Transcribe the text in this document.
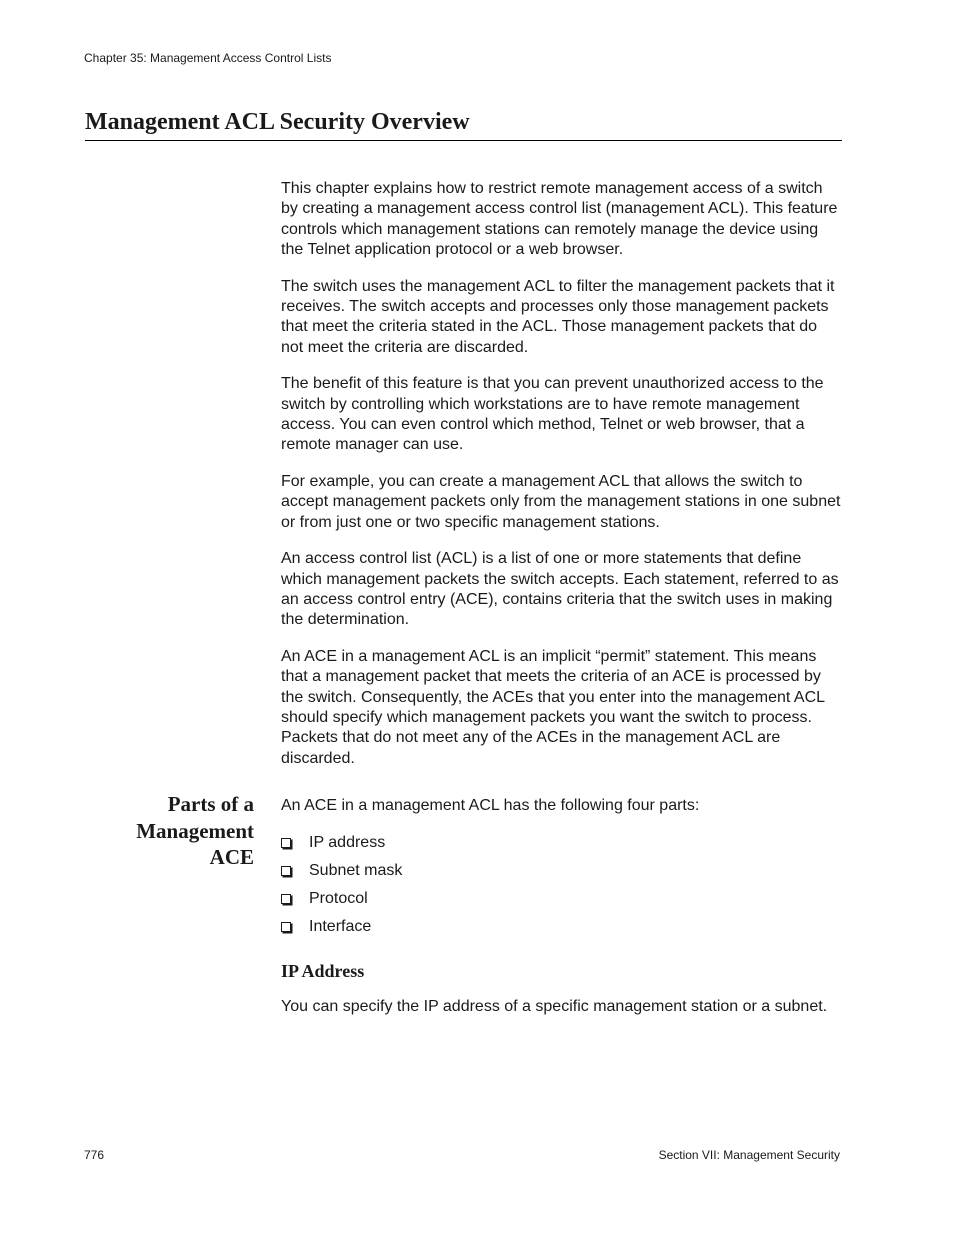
Chapter 35: Management Access Control Lists
Management ACL Security Overview

This chapter explains how to restrict remote management access of a switch by creating a management access control list (management ACL). This feature controls which management stations can remotely manage the device using the Telnet application protocol or a web browser.

The switch uses the management ACL to filter the management packets that it receives. The switch accepts and processes only those management packets that meet the criteria stated in the ACL. Those management packets that do not meet the criteria are discarded.

The benefit of this feature is that you can prevent unauthorized access to the switch by controlling which workstations are to have remote management access. You can even control which method, Telnet or web browser, that a remote manager can use.

For example, you can create a management ACL that allows the switch to accept management packets only from the management stations in one subnet or from just one or two specific management stations.

An access control list (ACL) is a list of one or more statements that define which management packets the switch accepts. Each statement, referred to as an access control entry (ACE), contains criteria that the switch uses in making the determination.

An ACE in a management ACL is an implicit “permit” statement. This means that a management packet that meets the criteria of an ACE is processed by the switch. Consequently, the ACEs that you enter into the management ACL should specify which management packets you want the switch to process. Packets that do not meet any of the ACEs in the management ACL are discarded.

Parts of a
Management
ACE

An ACE in a management ACL has the following four parts:

IP address
Subnet mask
Protocol
Interface
IP Address

You can specify the IP address of a specific management station or a subnet.

776	Section VII: Management Security
